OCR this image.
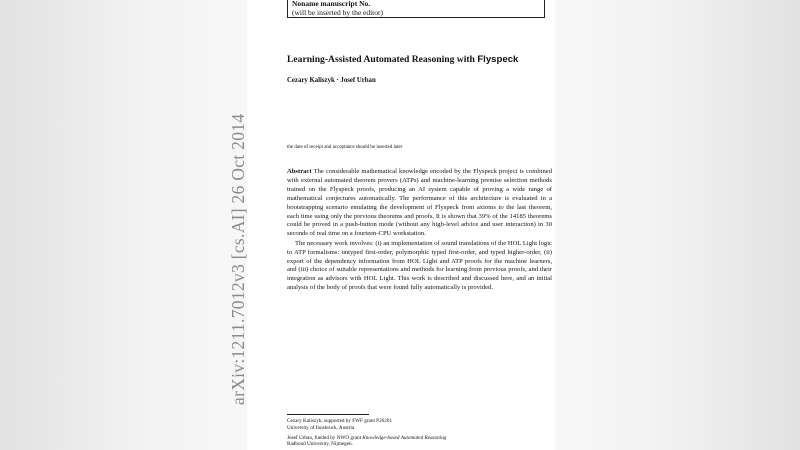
Noname manuscript No.
(will be inserted by the editor)
Learning-Assisted Automated Reasoning with Flyspeck
Cezary Kaliszyk · Josef Urban
the date of receipt and acceptance should be inserted later

Abstract The considerable mathematical knowledge encoded by the Flyspeck project is combined with external automated theorem provers (ATPs) and machine-learning premise selection methods trained on the Flyspeck proofs, producing an AI system capable of proving a wide range of mathematical conjectures automatically. The performance of this architecture is evaluated in a bootstrapping scenario emulating the development of Flyspeck from axioms to the last theorem, each time using only the previous theorems and proofs. It is shown that 39% of the 14185 theorems could be proved in a push-button mode (without any high-level advice and user interaction) in 30 seconds of real time on a fourteen-CPU workstation.

The necessary work involves: (i) an implementation of sound translations of the HOL Light logic to ATP formalisms: untyped first-order, polymorphic typed first-order, and typed higher-order, (ii) export of the dependency information from HOL Light and ATP proofs for the machine learners, and (iii) choice of suitable representations and methods for learning from previous proofs, and their integration as advisors with HOL Light. This work is described and discussed here, and an initial analysis of the body of proofs that were found fully automatically is provided.

Cezary Kaliszyk, supported by FWF grant P26201
University of Innsbruck, Austria
Josef Urban, funded by NWO grant Knowledge-based Automated Reasoning
Radboud University, Nijmegen.
arXiv:1211.7012v3 [cs.AI] 26 Oct 2014
